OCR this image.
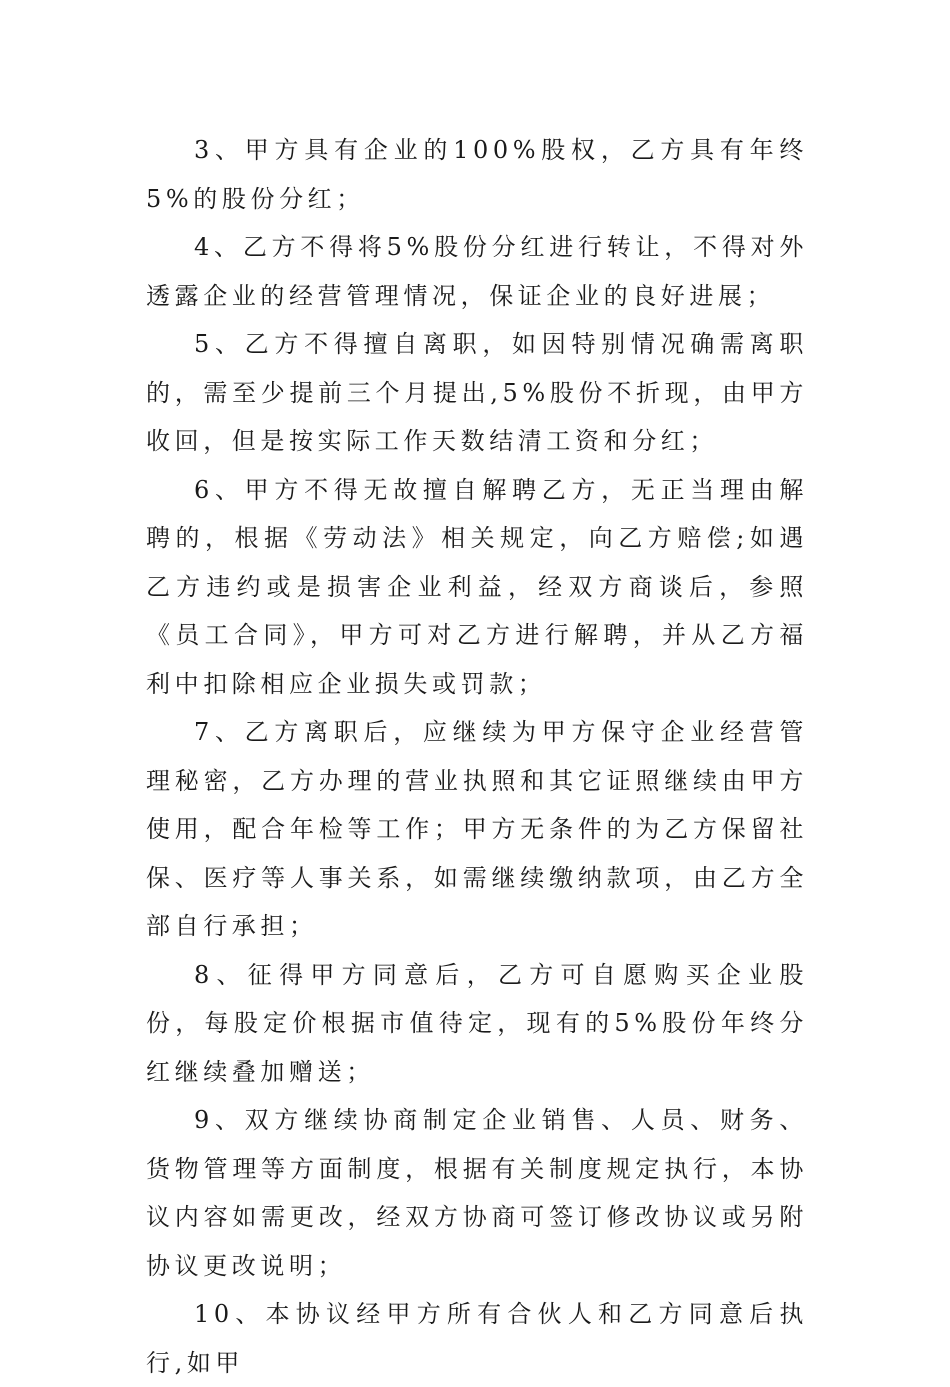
3、甲方具有企业的100%股权，乙方具有年终5%的股份分红；

4、乙方不得将5%股份分红进行转让，不得对外透露企业的经营管理情况，保证企业的良好进展；

5、乙方不得擅自离职，如因特别情况确需离职的，需至少提前三个月提出,5%股份不折现，由甲方收回，但是按实际工作天数结清工资和分红；

6、甲方不得无故擅自解聘乙方，无正当理由解聘的，根据《劳动法》相关规定，向乙方赔偿;如遇乙方违约或是损害企业利益，经双方商谈后，参照《员工合同》，甲方可对乙方进行解聘，并从乙方福利中扣除相应企业损失或罚款；

7、乙方离职后，应继续为甲方保守企业经营管理秘密，乙方办理的营业执照和其它证照继续由甲方使用，配合年检等工作；甲方无条件的为乙方保留社保、医疗等人事关系，如需继续缴纳款项，由乙方全部自行承担；

8、征得甲方同意后，乙方可自愿购买企业股份，每股定价根据市值待定，现有的5%股份年终分红继续叠加赠送；

9、双方继续协商制定企业销售、人员、财务、货物管理等方面制度，根据有关制度规定执行，本协议内容如需更改，经双方协商可签订修改协议或另附协议更改说明；

10、本协议经甲方所有合伙人和乙方同意后执行,如甲
